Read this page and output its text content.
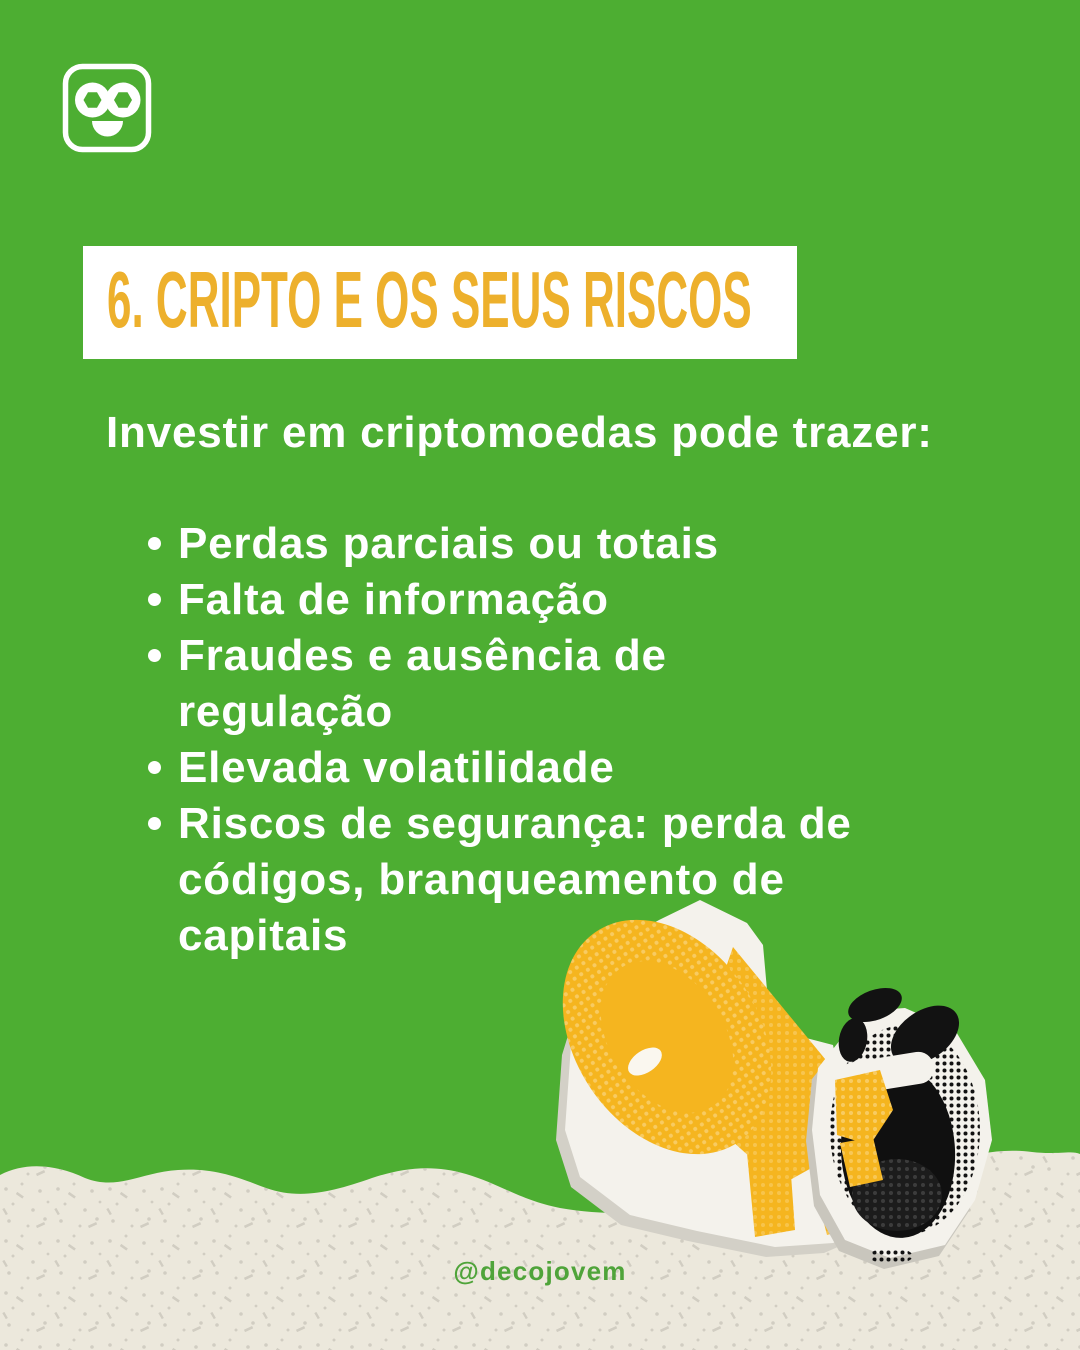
6. CRIPTO E OS SEUS RISCOS
Investir em criptomoedas pode trazer:
Perdas parciais ou totais
Falta de informação
Fraudes e ausência de regulação
Elevada volatilidade
Riscos de segurança: perda de códigos, branqueamento de capitais
@decojovem
